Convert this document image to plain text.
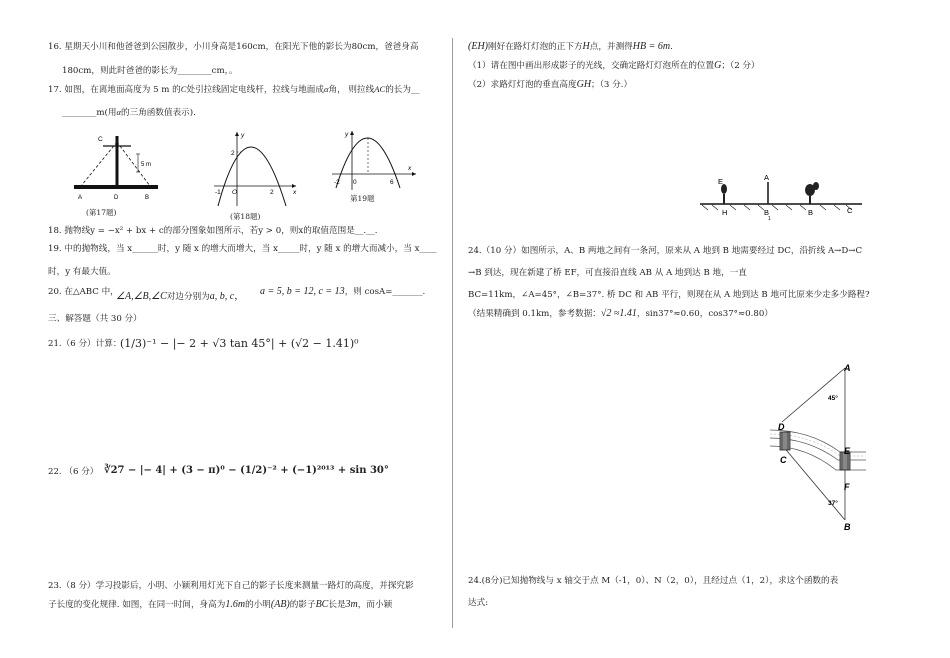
16. 星期天小川和他爸爸到公园散步，小川身高是160cm，在阳光下他的影长为80cm，爸爸身高
180cm，则此时爸爸的影长为________cm，。
17. 如图，在离地面高度为 5 m 的C处引拉线固定电线杆，拉线与地面成α角， 则拉线AC的长为__
________m(用α的三角函数值表示).
C
5 m
A	D	B
(第17题)
y
2
-1 O	2	x
(第18题)
y
-2 0	6
x
第19题
18. 抛物线y = −x² + bx + c的部分图象如图所示，若y > 0，则x的取值范围是__.__.
19. 中的抛物线，当 x______时，y 随 x 的增大而增大，当 x_____时，y 随 x 的增大而减小，当 x____
时，y 有最大值。
20. 在△ABC 中，
∠A,∠B,∠C对边分别为a, b, c， a = 5, b = 12, c = 13，则 cosA=_______.
三、解答题（共 30 分）
21.（6 分）计算：
(1/3)⁻¹ − |− 2 + √3 tan 45°| + (√2 − 1.41)⁰
22. （6 分） ∛27 − |− 4| + (3 − π)⁰ − (1/2)⁻² + (−1)²⁰¹³ + sin 30°
23.（8 分）学习投影后，小明、小颖利用灯光下自己的影子长度来测量一路灯的高度，并探究影
子长度的变化规律. 如图，在同一时间，身高为1.6m的小明(AB)的影子BC长是3m，而小颖
(EH)刚好在路灯灯泡的正下方H点，并测得HB = 6m.
（1）请在图中画出形成影子的光线，交确定路灯灯泡所在的位置G；（2 分）
（2）求路灯灯泡的垂直高度GH；（3 分.）
E	A
H	B
1
B	C
24.（10 分）如图所示，A、B 两地之间有一条河，原来从 A 地到 B 地需要经过 DC，沿折线 A→D→C
→B 到达，现在新建了桥 EF，可直接沿直线 AB 从 A 地到达 B 地，一直
BC=11km，∠A=45°，∠B=37°. 桥 DC 和 AB 平行，则现在从 A 地到达 B 地可比原来少走多少路程?
（结果精确到 0.1km，参考数据：√2 ≈1.41，sin37°≈0.60，cos37°≈0.80）
A
45°
D
C
E
F
37°
B
24.(8分)已知抛物线与 x 轴交于点 M（-1，0）、N（2，0），且经过点（1，2），求这个函数的表
达式:
